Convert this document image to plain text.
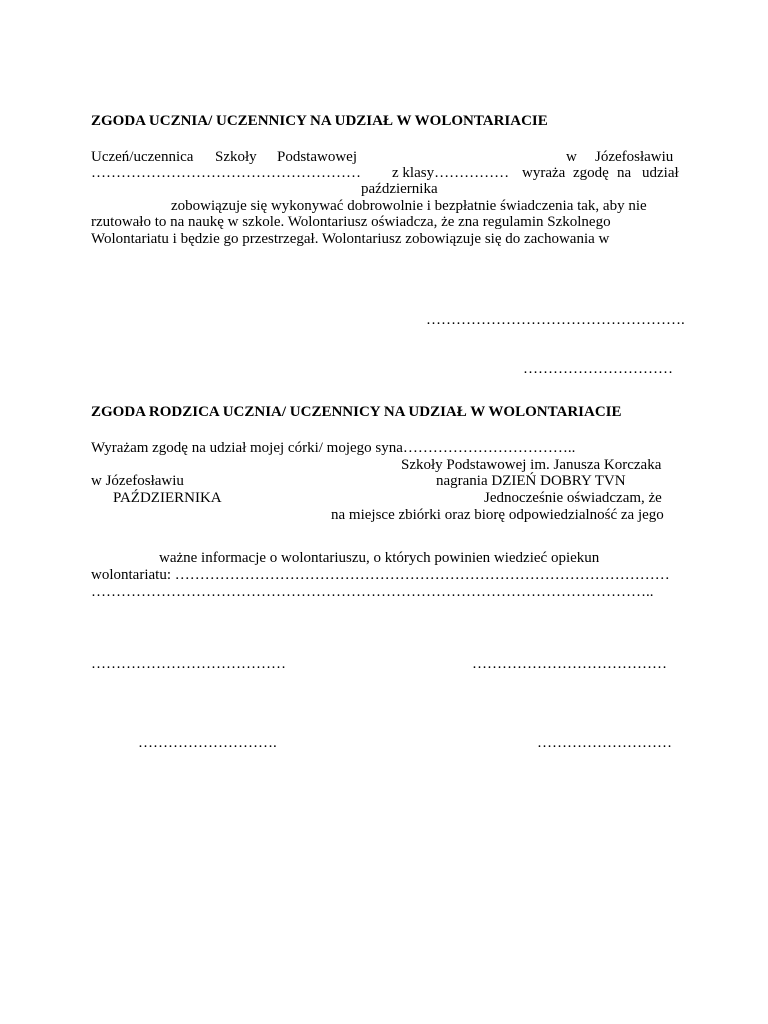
ZGODA UCZNIA/ UCZENNICY NA UDZIAŁ W WOLONTARIACIE
Uczeń/uczennica Szkoły Podstawowej	w Józefosławiu
……………………………………………… z klasy…………… wyraża zgodę na udział
października
zobowiązuje się wykonywać dobrowolnie i bezpłatnie świadczenia tak, aby nie
rzutowało to na naukę w szkole. Wolontariusz oświadcza, że zna regulamin Szkolnego
Wolontariatu i będzie go przestrzegał. Wolontariusz zobowiązuje się do zachowania w
…………………………………………….
…………………………
ZGODA RODZICA UCZNIA/ UCZENNICY NA UDZIAŁ W WOLONTARIACIE
Wyrażam zgodę na udział mojej córki/ mojego syna……………………………..
Szkoły Podstawowej im. Janusza Korczaka
w Józefosławiu	nagrania DZIEŃ DOBRY TVN
PAŹDZIERNIKA	Jednocześnie oświadczam, że
na miejsce zbiórki oraz biorę odpowiedzialność za jego
ważne informacje o wolontariuszu, o których powinien wiedzieć opiekun
wolontariatu: ………………………………………………………………………………………
…………………………………………………………………………………………………..
…………………………………	…………………………………
……………………….	………………………
